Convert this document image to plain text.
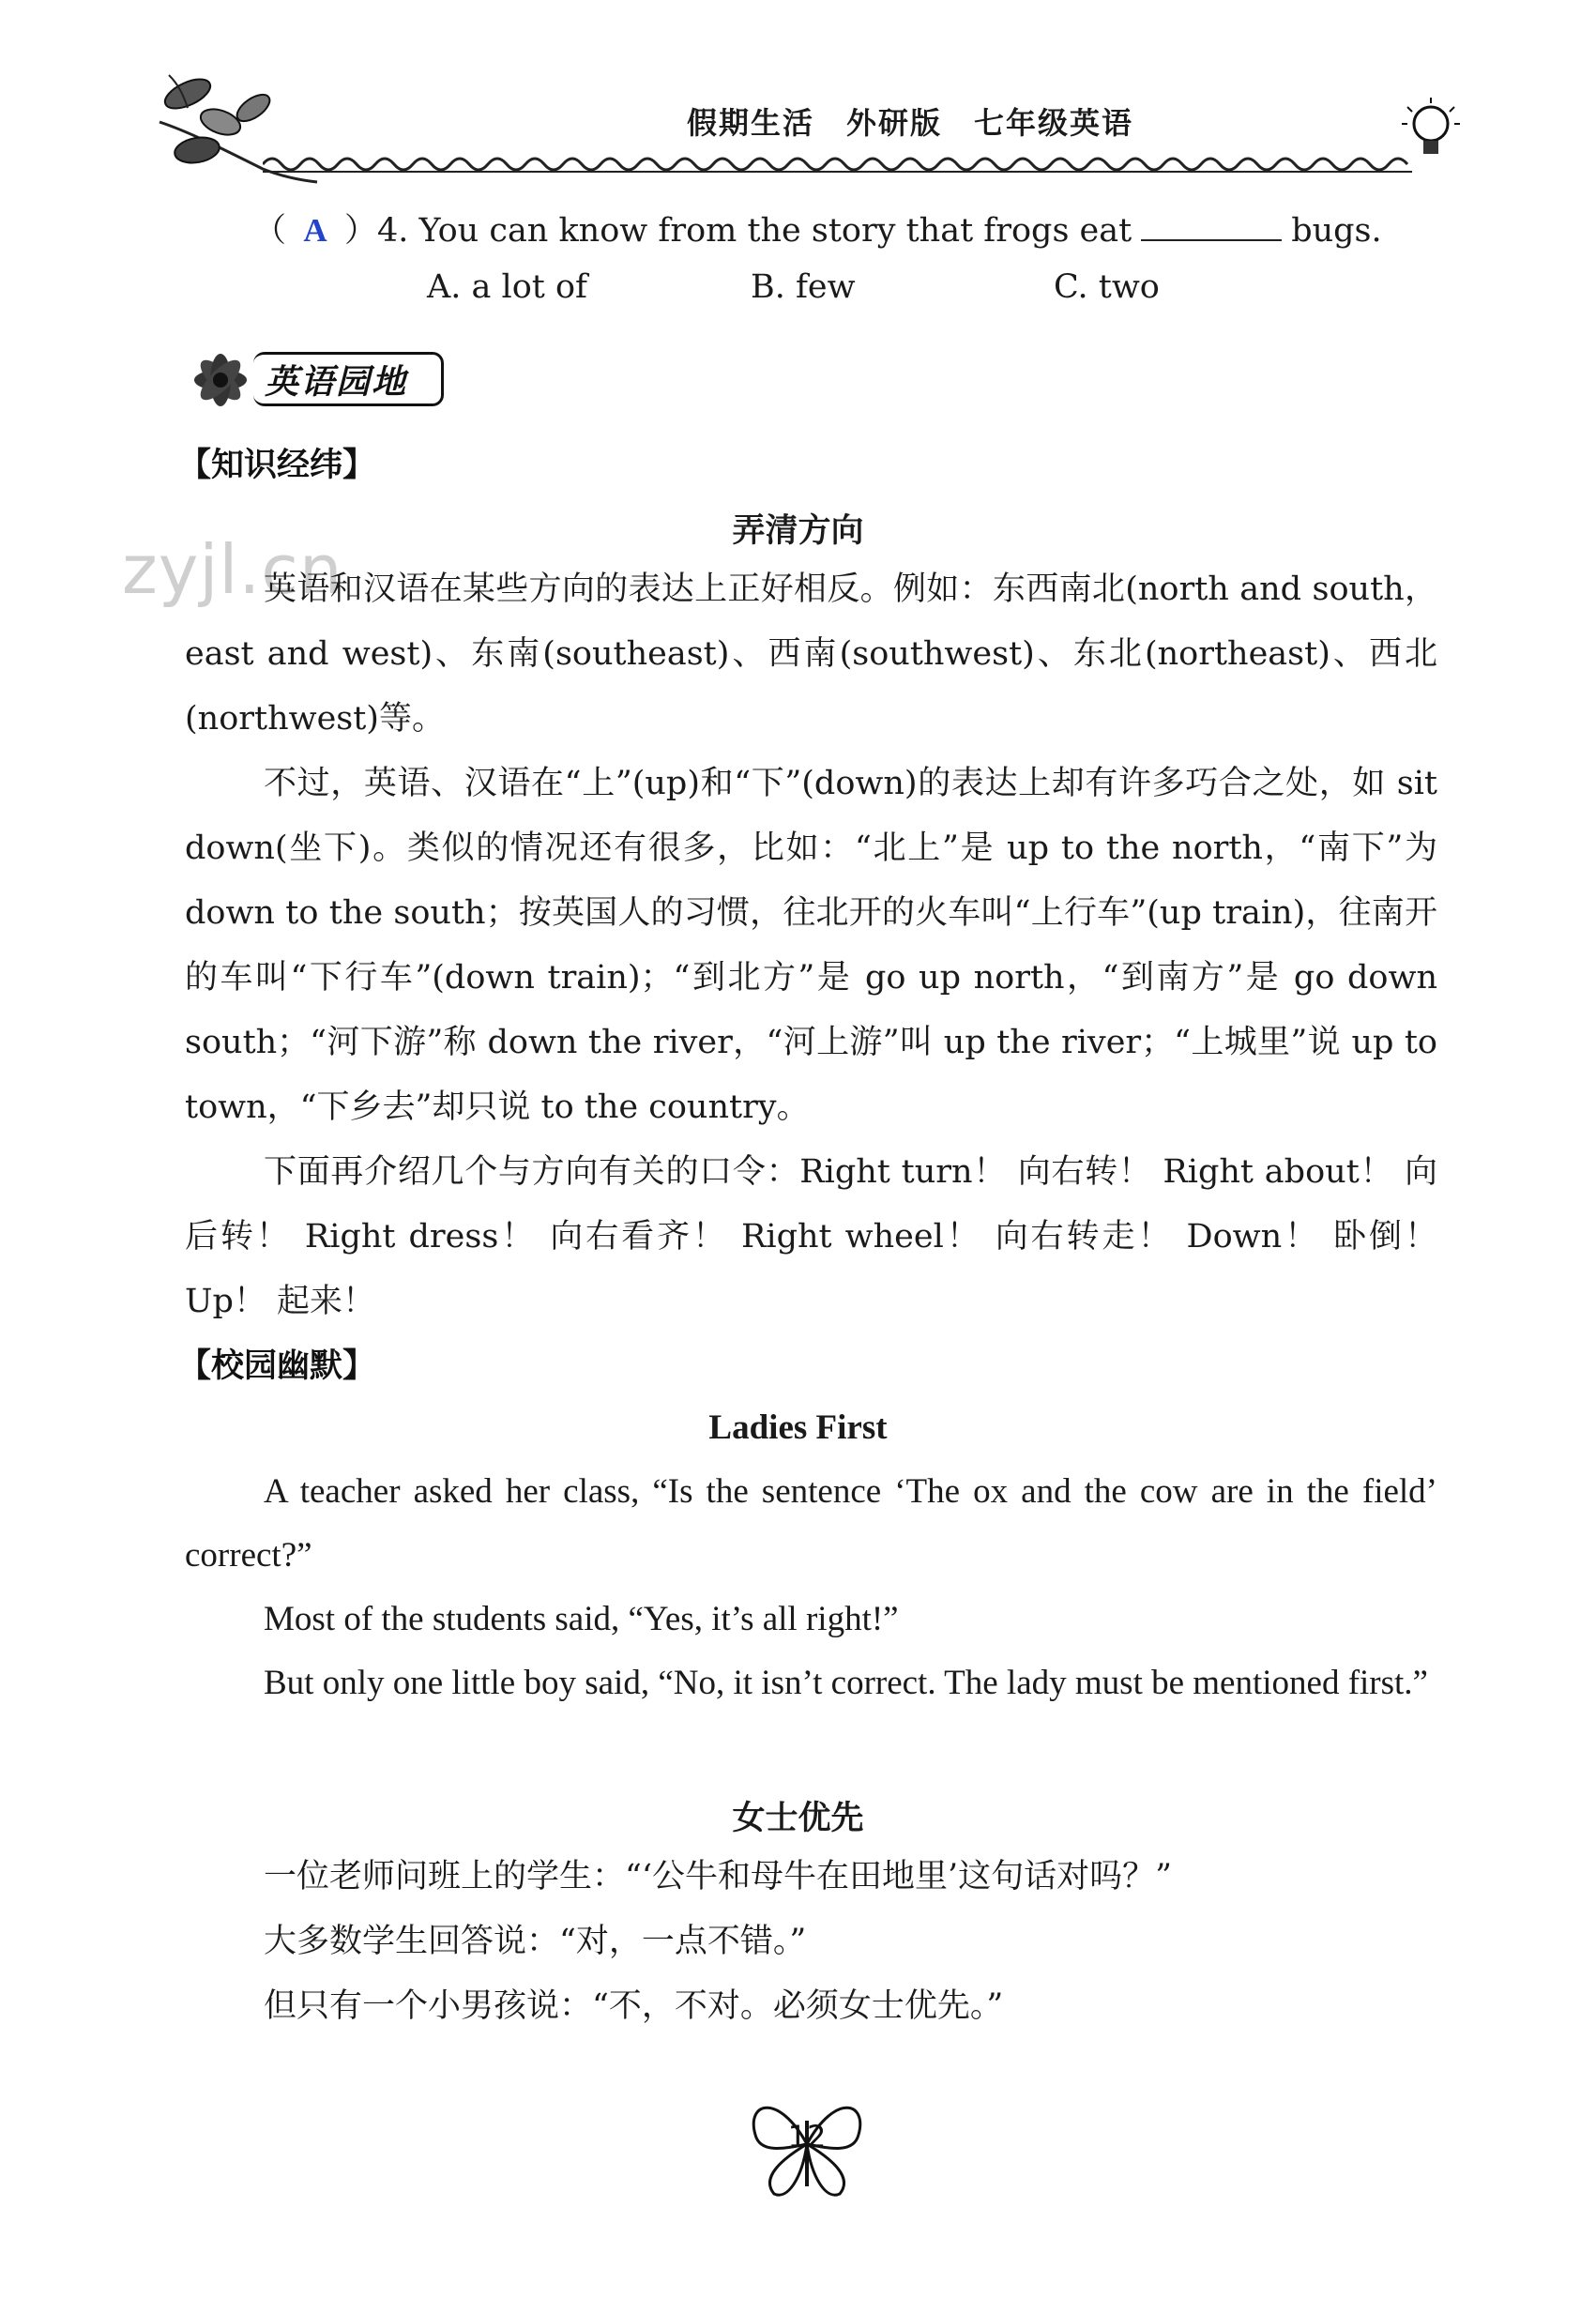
假期生活　外研版　七年级英语
（ A ）4. You can know from the story that frogs eat	bugs.
A. a lot of	B. few	C. two
英语园地
zyjl.cn
【知识经纬】
弄清方向
英语和汉语在某些方向的表达上正好相反。例如：东西南北(north and south，east and west)、东南(southeast)、西南(southwest)、东北(northeast)、西北(northwest)等。
不过，英语、汉语在“上”(up)和“下”(down)的表达上却有许多巧合之处，如 sit down(坐下)。类似的情况还有很多，比如：“北上”是 up to the north，“南下”为 down to the south；按英国人的习惯，往北开的火车叫“上行车”(up train)，往南开的车叫“下行车”(down train)；“到北方”是 go up north，“到南方”是 go down south；“河下游”称 down the river，“河上游”叫 up the river；“上城里”说 up to town，“下乡去”却只说 to the country。
下面再介绍几个与方向有关的口令：Right turn！ 向右转！ Right about！ 向后转！ Right dress！ 向右看齐！ Right wheel！ 向右转走！ Down！ 卧倒！ Up！ 起来！
【校园幽默】
Ladies First
A teacher asked her class, “Is the sentence ‘The ox and the cow are in the field’ correct?”
Most of the students said, “Yes, it’s all right!”
But only one little boy said, “No, it isn’t correct. The lady must be mentioned first.”
女士优先
一位老师问班上的学生：“‘公牛和母牛在田地里’这句话对吗？”
大多数学生回答说：“对，一点不错。”
但只有一个小男孩说：“不，不对。必须女士优先。”
12
